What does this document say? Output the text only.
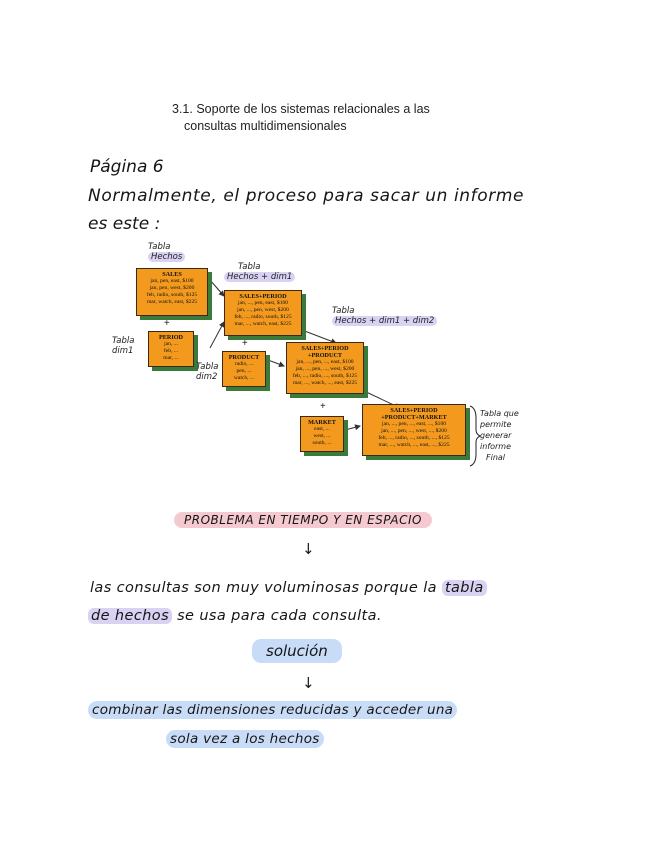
3.1. Soporte de los sistemas relacionales a las
consultas multidimensionales
Página 6
Normalmente, el proceso para sacar un informe
es este :
SALES
jan, pen, east, $100
jan, pen, west, $200
feb, radio, south, $125
mar, watch, east, $225
+
PERIOD
jan, ...
feb, ...
mar, ...
SALES+PERIOD
jan, ..., pen, east, $100
jan, ..., pen, west, $200
feb, ..., radio, south, $125
mar, ..., watch, east, $225
+
PRODUCT
radio, ...
pen, ...
watch, ...
SALES+PERIOD
+PRODUCT
jan, ..., pen, ..., east, $100
jan, ..., pen, ..., west, $200
feb, ..., radio, ..., south, $125
mar, ..., watch, ..., east, $225
+
MARKET
east, ...
west, ...
south, ...
SALES+PERIOD
+PRODUCT+MARKET
jan, ..., pen, ..., east, ..., $100
jan, ..., pen, ..., west, ..., $200
feb, ..., radio, ..., south, ..., $125
mar, ..., watch, ..., east, ..., $225
Tabla
Hechos
Tabla
Hechos + dim1
Tabla
Hechos + dim1 + dim2
Tabla
dim1
Tabla
dim2
Tabla que
permite
generar
informe
Final
PROBLEMA EN TIEMPO Y EN ESPACIO
↓
las consultas son muy voluminosas porque la tabla
de hechos se usa para cada consulta.
solución
↓
combinar las dimensiones reducidas y acceder una
sola vez a los hechos
